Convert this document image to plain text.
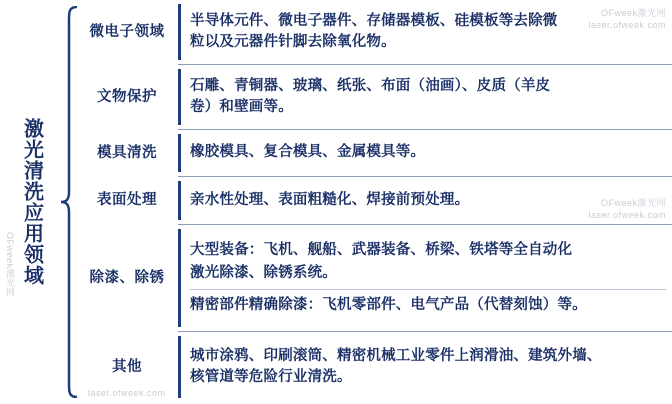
激光清洗应用领域
微电子领域
半导体元件、微电子器件、存储器模板、硅模板等去除微
粒以及元器件针脚去除氧化物。
文物保护
石雕、青铜器、玻璃、纸张、布面（油画）、皮质（羊皮
卷）和壁画等。
模具清洗 橡胶模具、复合模具、金属模具等。
表面处理 亲水性处理、表面粗糙化、焊接前预处理。
除漆、除锈
大型装备：飞机、舰船、武器装备、桥梁、铁塔等全自动化
激光除漆、除锈系统。
精密部件精确除漆：飞机零部件、电气产品（代替刻蚀）等。
其他
城市涂鸦、印刷滚筒、精密机械工业零件上润滑油、建筑外墙、
核管道等危险行业清洗。
OFweek激光网
laser.ofweek.com
OFweek激光网
laser.ofweek.com
laser.ofweek.com
OFweek激光网
